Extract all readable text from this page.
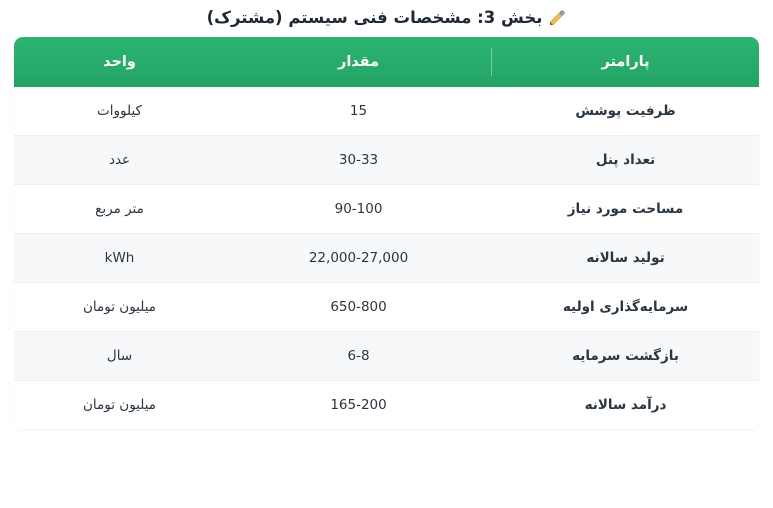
بخش 3: مشخصات فنی سیستم (مشترک)
پارامتر	مقدار	واحد
ظرفیت پوشش	15	کیلووات
تعداد پنل	30-33	عدد
مساحت مورد نیاز	90-100	متر مربع
تولید سالانه	22,000-27,000	kWh
سرمایه‌گذاری اولیه	650-800	میلیون تومان
بازگشت سرمایه	6-8	سال
درآمد سالانه	165-200	میلیون تومان
